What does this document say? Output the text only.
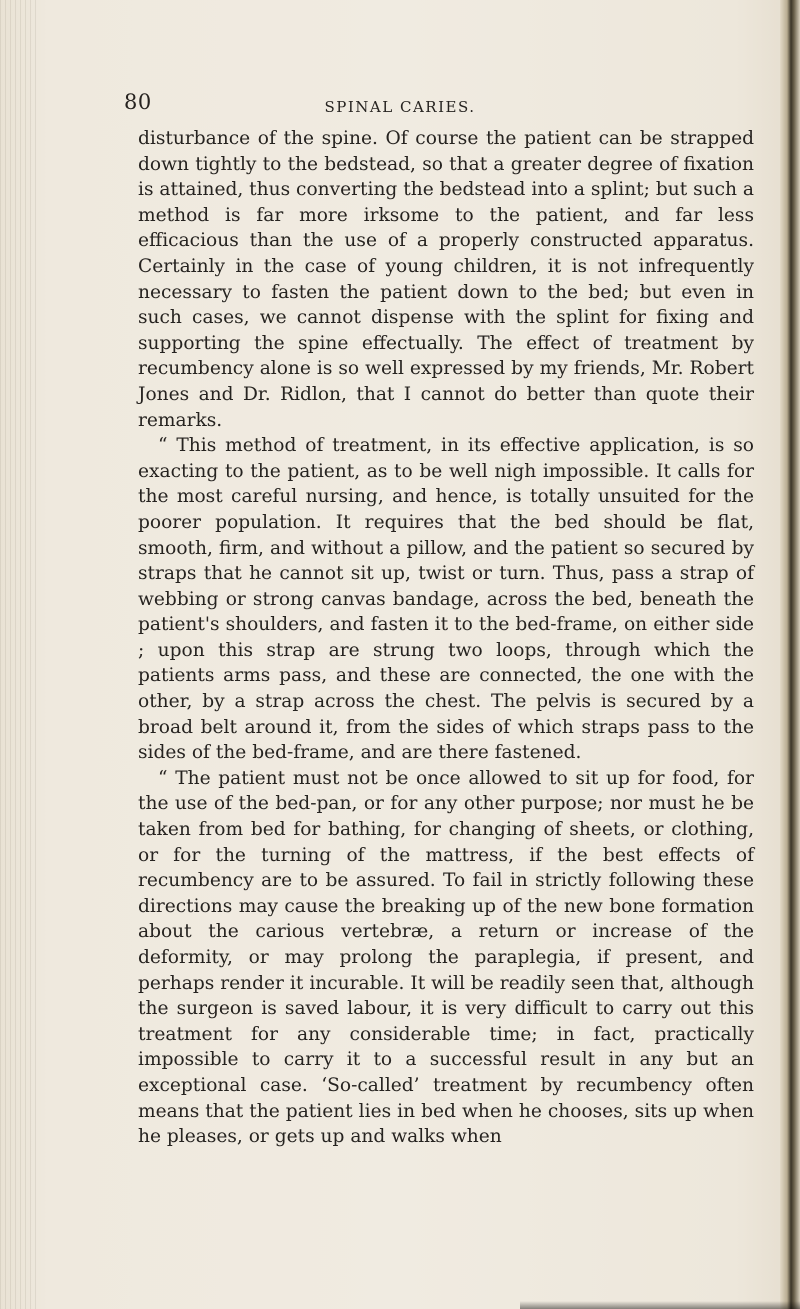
80	SPINAL CARIES.

disturbance of the spine. Of course the patient can be strapped down tightly to the bedstead, so that a greater degree of fixation is attained, thus converting the bedstead into a splint; but such a method is far more irksome to the patient, and far less efficacious than the use of a properly constructed apparatus. Certainly in the case of young children, it is not infrequently necessary to fasten the patient down to the bed; but even in such cases, we cannot dispense with the splint for fixing and supporting the spine effectually. The effect of treatment by recumbency alone is so well expressed by my friends, Mr. Robert Jones and Dr. Ridlon, that I cannot do better than quote their remarks.

“ This method of treatment, in its effective application, is so exacting to the patient, as to be well nigh impossible. It calls for the most careful nursing, and hence, is totally unsuited for the poorer population. It requires that the bed should be flat, smooth, firm, and without a pillow, and the patient so secured by straps that he cannot sit up, twist or turn. Thus, pass a strap of webbing or strong canvas bandage, across the bed, beneath the patient's shoulders, and fasten it to the bed-frame, on either side ; upon this strap are strung two loops, through which the patients arms pass, and these are connected, the one with the other, by a strap across the chest. The pelvis is secured by a broad belt around it, from the sides of which straps pass to the sides of the bed-frame, and are there fastened.

“ The patient must not be once allowed to sit up for food, for the use of the bed-pan, or for any other purpose; nor must he be taken from bed for bathing, for changing of sheets, or clothing, or for the turning of the mattress, if the best effects of recumbency are to be assured. To fail in strictly following these directions may cause the breaking up of the new bone formation about the carious vertebræ, a return or increase of the deformity, or may prolong the paraplegia, if present, and perhaps render it incurable. It will be readily seen that, although the surgeon is saved labour, it is very difficult to carry out this treatment for any considerable time; in fact, practically impossible to carry it to a successful result in any but an exceptional case. ‘So-called’ treatment by recumbency often means that the patient lies in bed when he chooses, sits up when he pleases, or gets up and walks when
